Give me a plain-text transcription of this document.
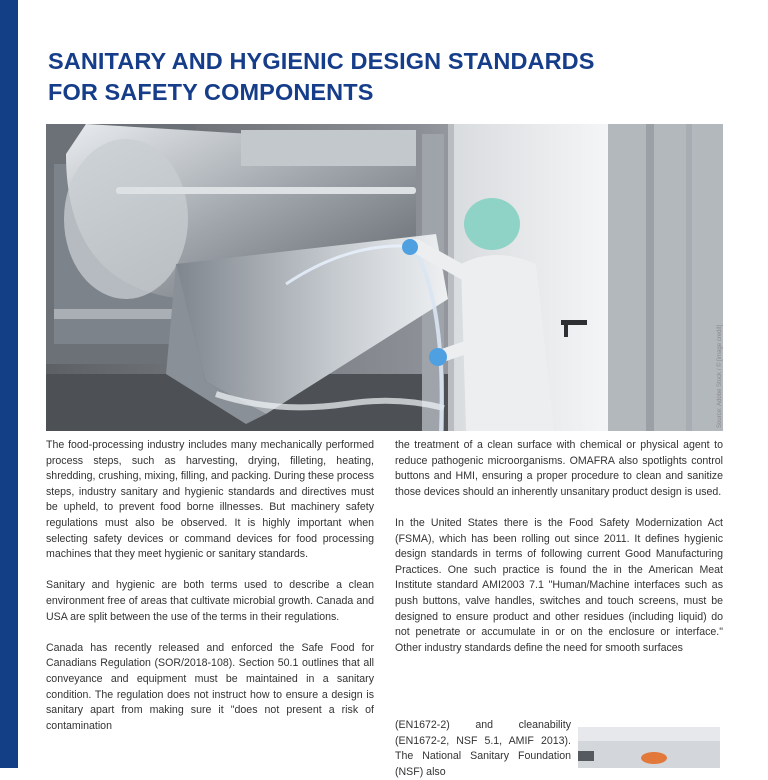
SANITARY AND HYGIENIC DESIGN STANDARDS
FOR SAFETY COMPONENTS
Source: Adobe Stock / © [image credit]

The food-processing industry includes many mechanically performed process steps, such as harvesting, drying, filleting, heating, shredding, crushing, mixing, filling, and packing. During these process steps, industry sanitary and hygienic standards and directives must be upheld, to prevent food borne illnesses. But machinery safety regulations must also be observed. It is highly important when selecting safety devices or command devices for food processing machines that they meet hygienic or sanitary standards.

Sanitary and hygienic are both terms used to describe a clean environment free of areas that cultivate microbial growth. Canada and USA are split between the use of the terms in their regulations.

Canada has recently released and enforced the Safe Food for Canadians Regulation (SOR/2018-108). Section 50.1 outlines that all conveyance and equipment must be maintained in a sanitary condition. The regulation does not instruct how to ensure a design is sanitary apart from making sure it "does not present a risk of contamination

the treatment of a clean surface with chemical or physical agent to reduce pathogenic microorganisms. OMAFRA also spotlights control buttons and HMI, ensuring a proper procedure to clean and sanitize those devices should an inherently unsanitary product design is used.

In the United States there is the Food Safety Modernization Act (FSMA), which has been rolling out since 2011. It defines hygienic design standards in terms of following current Good Manufacturing Practices. One such practice is found the in the American Meat Institute standard AMI2003 7.1 "Human/Machine interfaces such as push buttons, valve handles, switches and touch screens, must be designed to ensure product and other residues (including liquid) do not penetrate or accumulate in or on the enclosure or interface." Other industry standards define the need for smooth surfaces

(EN1672-2) and cleanability (EN1672-2, NSF 5.1, AMIF 2013). The National Sanitary Foundation (NSF) also
